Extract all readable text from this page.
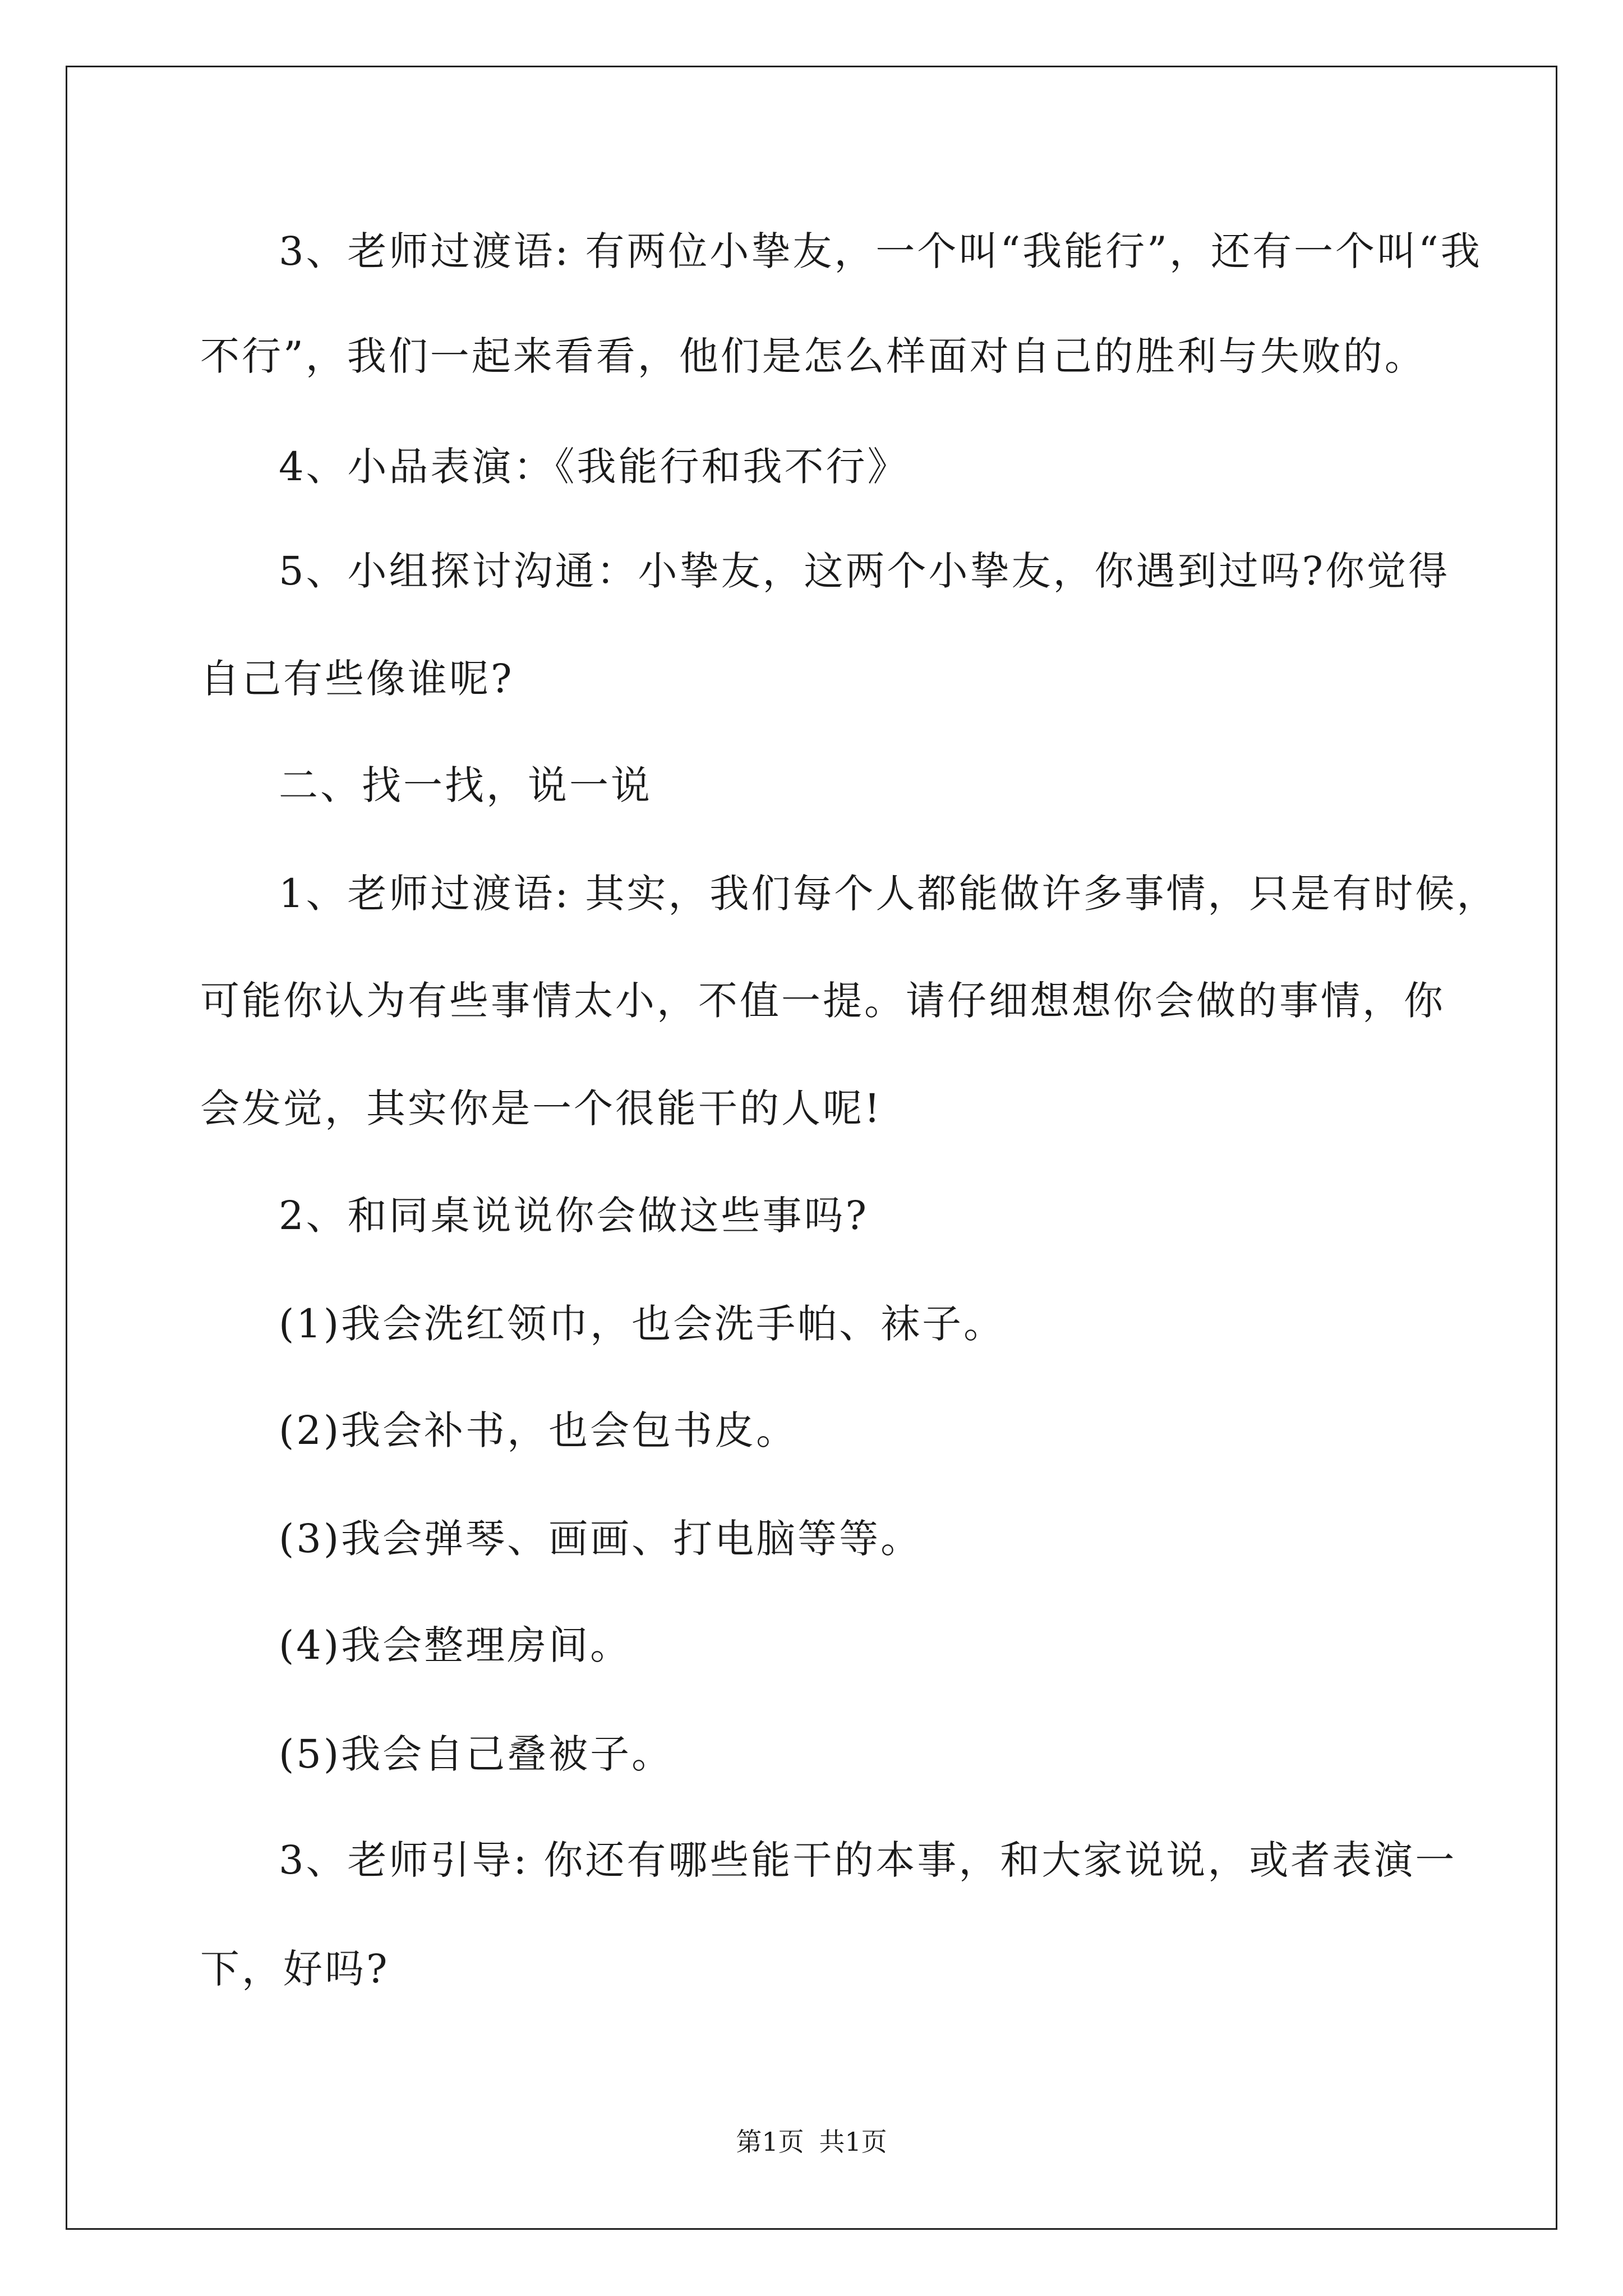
3、老师过渡语: 有两位小挚友，一个叫“我能行”，还有一个叫“我
不行”，我们一起来看看，他们是怎么样面对自己的胜利与失败的。
4、小品表演：《我能行和我不行》
5、小组探讨沟通：小挚友，这两个小挚友，你遇到过吗?你觉得
自己有些像谁呢?
二、找一找，说一说
1、老师过渡语: 其实，我们每个人都能做许多事情，只是有时候，
可能你认为有些事情太小，不值一提。请仔细想想你会做的事情，你
会发觉，其实你是一个很能干的人呢!
2、和同桌说说你会做这些事吗?
(1)我会洗红领巾，也会洗手帕、袜子。
(2)我会补书，也会包书皮。
(3)我会弹琴、画画、打电脑等等。
(4)我会整理房间。
(5)我会自己叠被子。
3、老师引导: 你还有哪些能干的本事，和大家说说，或者表演一
下，好吗?
第1页 共1页
